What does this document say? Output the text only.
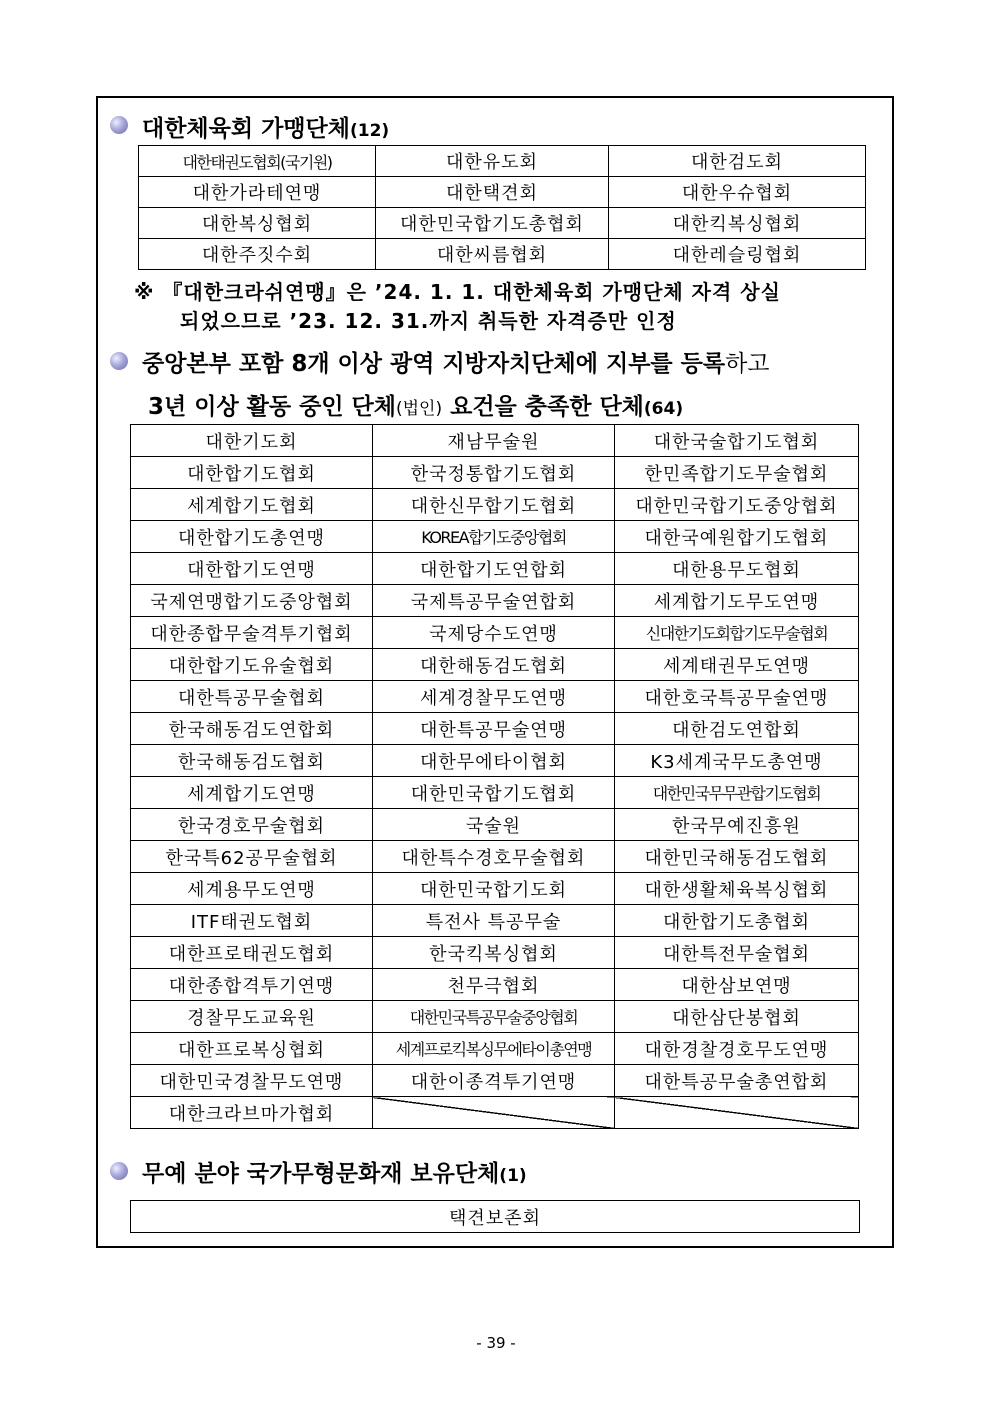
대한체육회 가맹단체(12)
대한태권도협회(국기원)	대한유도회	대한검도회
대한가라테연맹	대한택견회	대한우슈협회
대한복싱협회	대한민국합기도총협회	대한킥복싱협회
대한주짓수회	대한씨름협회	대한레슬링협회
※ 『대한크라쉬연맹』은 ’24. 1. 1. 대한체육회 가맹단체 자격 상실
되었으므로 ’23. 12. 31.까지 취득한 자격증만 인정
중앙본부 포함 8개 이상 광역 지방자치단체에 지부를 등록하고
3년 이상 활동 중인 단체(법인) 요건을 충족한 단체(64)
대한기도회	재남무술원	대한국술합기도협회
대한합기도협회	한국정통합기도협회	한민족합기도무술협회
세계합기도협회	대한신무합기도협회	대한민국합기도중앙협회
대한합기도총연맹	KOREA합기도중앙협회	대한국예원합기도협회
대한합기도연맹	대한합기도연합회	대한용무도협회
국제연맹합기도중앙협회	국제특공무술연합회	세계합기도무도연맹
대한종합무술격투기협회	국제당수도연맹	신대한기도회합기도무술협회
대한합기도유술협회	대한해동검도협회	세계태권무도연맹
대한특공무술협회	세계경찰무도연맹	대한호국특공무술연맹
한국해동검도연합회	대한특공무술연맹	대한검도연합회
한국해동검도협회	대한무에타이협회	K3세계국무도총연맹
세계합기도연맹	대한민국합기도협회	대한민국무무관합기도협회
한국경호무술협회	국술원	한국무예진흥원
한국특62공무술협회	대한특수경호무술협회	대한민국해동검도협회
세계용무도연맹	대한민국합기도회	대한생활체육복싱협회
ITF태권도협회	특전사 특공무술	대한합기도총협회
대한프로태권도협회	한국킥복싱협회	대한특전무술협회
대한종합격투기연맹	천무극협회	대한삼보연맹
경찰무도교육원	대한민국특공무술중앙협회	대한삼단봉협회
대한프로복싱협회	세계프로킥복싱무에타이총연맹	대한경찰경호무도연맹
대한민국경찰무도연맹	대한이종격투기연맹	대한특공무술총연합회
대한크라브마가협회		
무예 분야 국가무형문화재 보유단체(1)
택견보존회
- 39 -
